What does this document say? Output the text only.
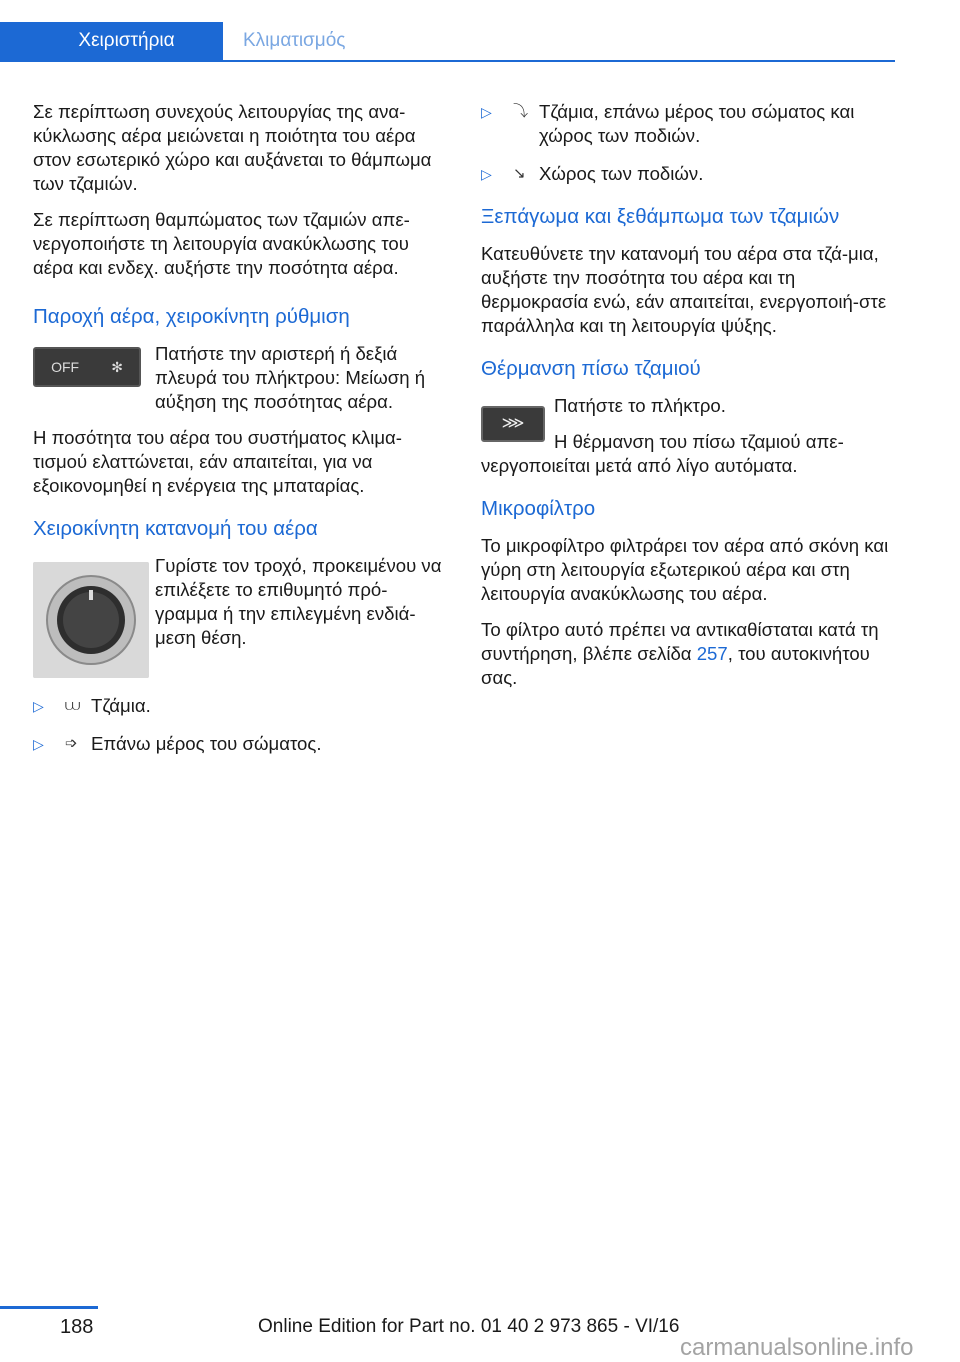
Χειριστήρια	Κλιματισμός

Σε περίπτωση συνεχούς λειτουργίας της ανα‐κύκλωσης αέρα μειώνεται η ποιότητα του αέρα στον εσωτερικό χώρο και αυξάνεται το θάμπωμα των τζαμιών.

Σε περίπτωση θαμπώματος των τζαμιών απε‐νεργοποιήστε τη λειτουργία ανακύκλωσης του αέρα και ενδεχ. αυξήστε την ποσότητα αέρα.

Παροχή αέρα, χειροκίνητη ρύθμιση
OFF ✻

Πατήστε την αριστερή ή δεξιά πλευρά του πλήκτρου: Μείωση ή αύξηση της ποσότητας αέρα.

Η ποσότητα του αέρα του συστήματος κλιμα‐τισμού ελαττώνεται, εάν απαιτείται, για να εξοικονομηθεί η ενέργεια της μπαταρίας.

Χειροκίνητη κατανομή του αέρα

Γυρίστε τον τροχό, προκειμένου να επιλέξετε το επιθυμητό πρό‐γραμμα ή την επιλεγμένη ενδιά‐μεση θέση.

▷	⩊ Τζάμια.
▷	➩ Επάνω μέρος του σώματος.
▷	⤵ Τζάμια, επάνω μέρος του σώματος και χώρος των ποδιών.
▷	↘ Χώρος των ποδιών.
Ξεπάγωμα και ξεθάμπωμα των τζαμιών

Κατευθύνετε την κατανομή του αέρα στα τζά‐μια, αυξήστε την ποσότητα του αέρα και τη θερμοκρασία ενώ, εάν απαιτείται, ενεργοποιή‐στε παράλληλα και τη λειτουργία ψύξης.

Θέρμανση πίσω τζαμιού
⋙

Πατήστε το πλήκτρο.

Η θέρμανση του πίσω τζαμιού απε‐νεργοποιείται μετά από λίγο αυτόματα.

Μικροφίλτρο

Το μικροφίλτρο φιλτράρει τον αέρα από σκόνη και γύρη στη λειτουργία εξωτερικού αέρα και στη λειτουργία ανακύκλωσης του αέρα.

Το φίλτρο αυτό πρέπει να αντικαθίσταται κατά τη συντήρηση, βλέπε σελίδα 257, του αυτοκινήτου σας.

188	Online Edition for Part no. 01 40 2 973 865 - VI/16
carmanualsonline.info
